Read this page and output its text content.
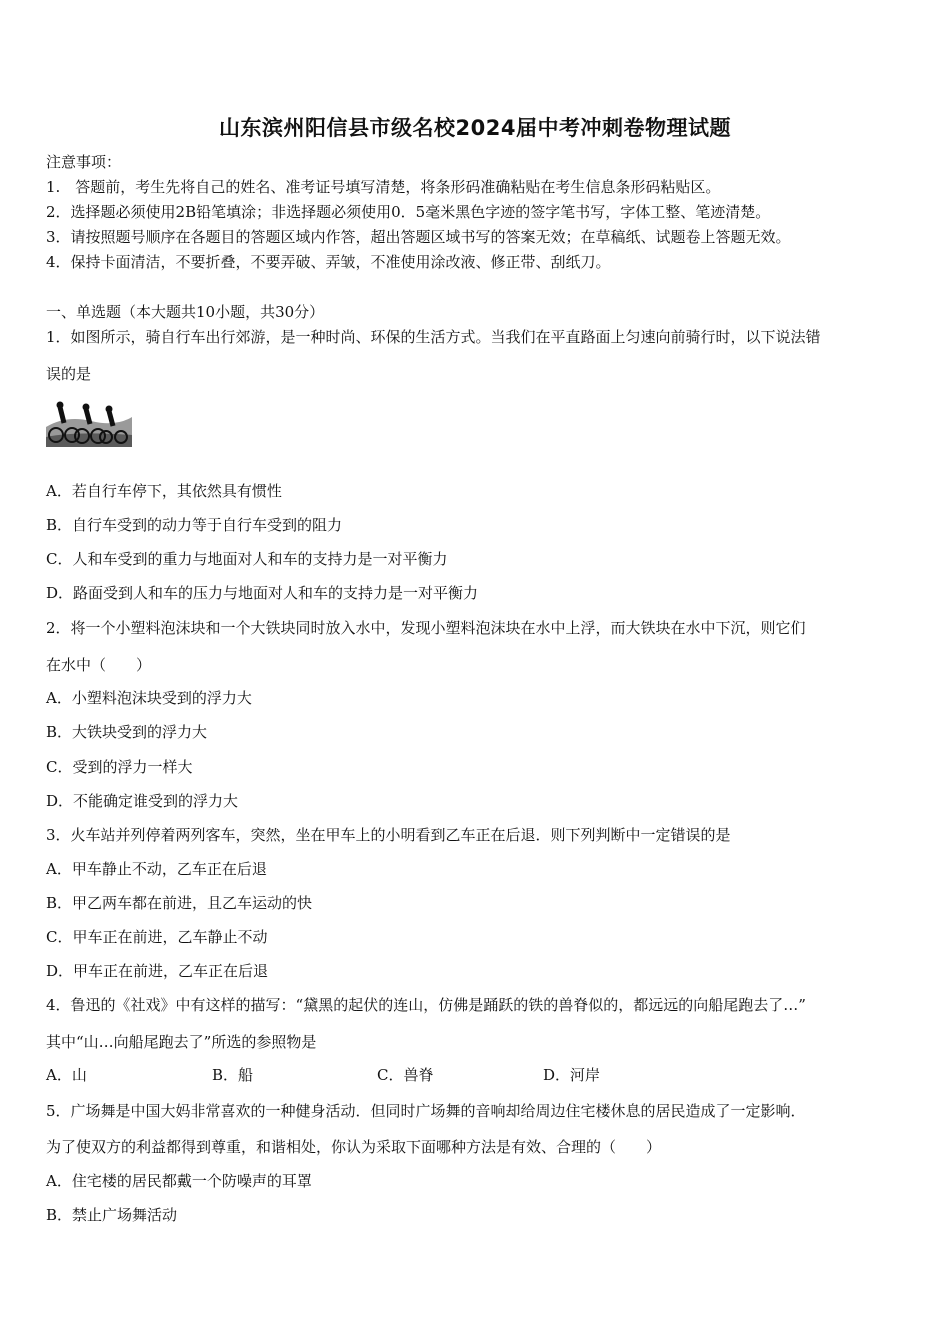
山东滨州阳信县市级名校2024届中考冲刺卷物理试题
注意事项：
1.　答题前，考生先将自己的姓名、准考证号填写清楚，将条形码准确粘贴在考生信息条形码粘贴区。
2．选择题必须使用2B铅笔填涂；非选择题必须使用0．5毫米黑色字迹的签字笔书写，字体工整、笔迹清楚。
3．请按照题号顺序在各题目的答题区域内作答，超出答题区域书写的答案无效；在草稿纸、试题卷上答题无效。
4．保持卡面清洁，不要折叠，不要弄破、弄皱，不准使用涂改液、修正带、刮纸刀。
一、单选题（本大题共10小题，共30分）
1．如图所示，骑自行车出行郊游，是一种时尚、环保的生活方式。当我们在平直路面上匀速向前骑行时，以下说法错
误的是
A．若自行车停下，其依然具有惯性
B．自行车受到的动力等于自行车受到的阻力
C．人和车受到的重力与地面对人和车的支持力是一对平衡力
D．路面受到人和车的压力与地面对人和车的支持力是一对平衡力
2．将一个小塑料泡沫块和一个大铁块同时放入水中，发现小塑料泡沫块在水中上浮，而大铁块在水中下沉，则它们
在水中（　　）
A．小塑料泡沫块受到的浮力大
B．大铁块受到的浮力大
C．受到的浮力一样大
D．不能确定谁受到的浮力大
3．火车站并列停着两列客车，突然，坐在甲车上的小明看到乙车正在后退．则下列判断中一定错误的是
A．甲车静止不动，乙车正在后退
B．甲乙两车都在前进，且乙车运动的快
C．甲车正在前进，乙车静止不动
D．甲车正在前进，乙车正在后退
4．鲁迅的《社戏》中有这样的描写：“黛黑的起伏的连山，仿佛是踊跃的铁的兽脊似的，都远远的向船尾跑去了…”
其中“山…向船尾跑去了”所选的参照物是
A．山	B．船	C．兽脊	D．河岸
5．广场舞是中国大妈非常喜欢的一种健身活动．但同时广场舞的音响却给周边住宅楼休息的居民造成了一定影响．
为了使双方的利益都得到尊重，和谐相处，你认为采取下面哪种方法是有效、合理的（　　）
A．住宅楼的居民都戴一个防噪声的耳罩
B．禁止广场舞活动
